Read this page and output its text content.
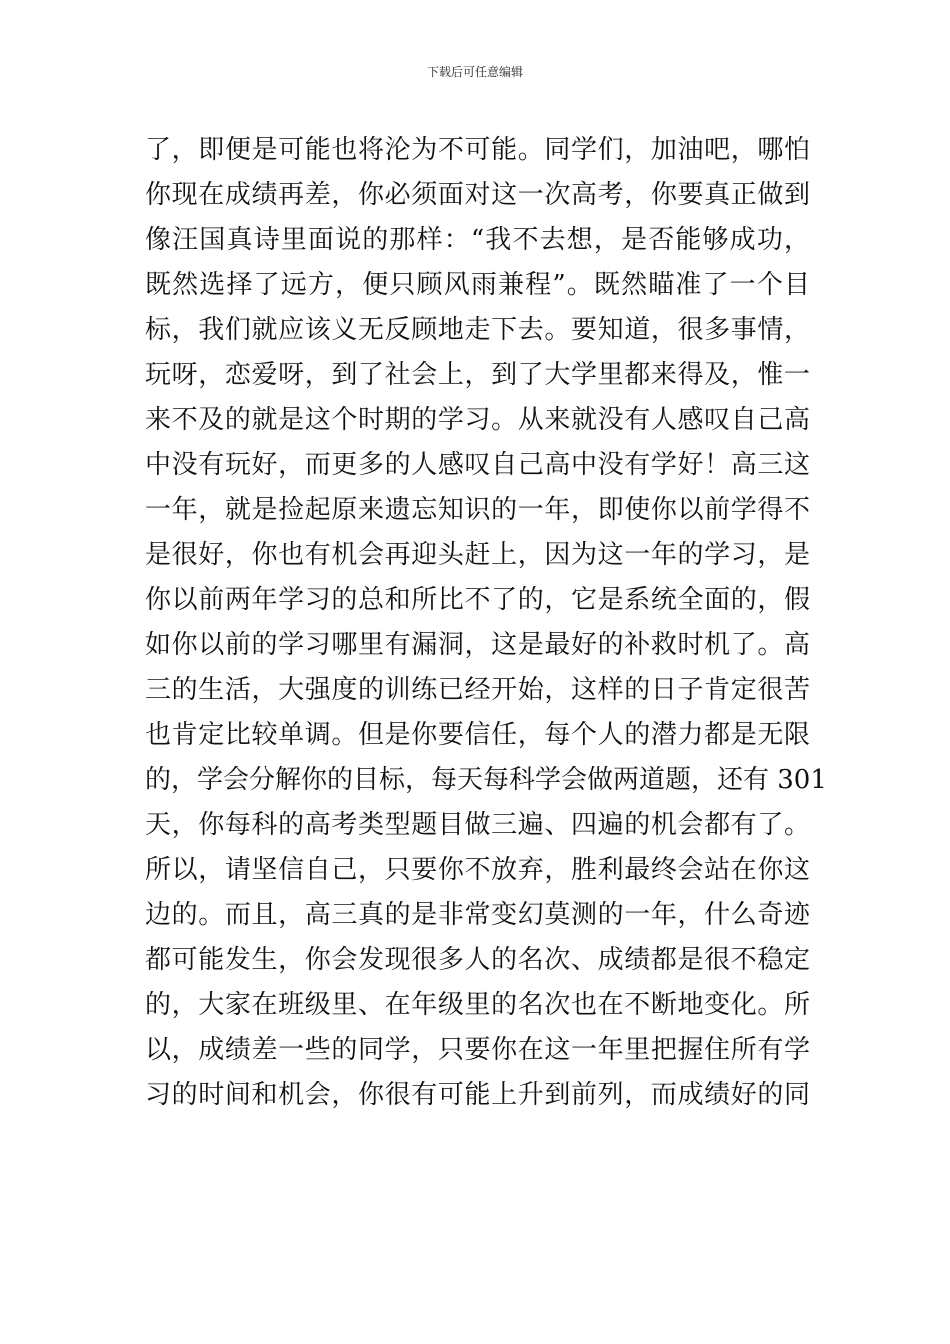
下载后可任意编辑
了，即便是可能也将沦为不可能。同学们，加油吧，哪怕
你现在成绩再差，你必须面对这一次高考，你要真正做到
像汪国真诗里面说的那样：“我不去想，是否能够成功，
既然选择了远方，便只顾风雨兼程”。既然瞄准了一个目
标，我们就应该义无反顾地走下去。要知道，很多事情，
玩呀，恋爱呀，到了社会上，到了大学里都来得及，惟一
来不及的就是这个时期的学习。从来就没有人感叹自己高
中没有玩好，而更多的人感叹自己高中没有学好！高三这
一年，就是捡起原来遗忘知识的一年，即使你以前学得不
是很好，你也有机会再迎头赶上，因为这一年的学习，是
你以前两年学习的总和所比不了的，它是系统全面的，假
如你以前的学习哪里有漏洞，这是最好的补救时机了。高
三的生活，大强度的训练已经开始，这样的日子肯定很苦
也肯定比较单调。但是你要信任，每个人的潜力都是无限
的，学会分解你的目标，每天每科学会做两道题，还有 301
天，你每科的高考类型题目做三遍、四遍的机会都有了。
所以，请坚信自己，只要你不放弃，胜利最终会站在你这
边的。而且，高三真的是非常变幻莫测的一年，什么奇迹
都可能发生，你会发现很多人的名次、成绩都是很不稳定
的，大家在班级里、在年级里的名次也在不断地变化。所
以，成绩差一些的同学，只要你在这一年里把握住所有学
习的时间和机会，你很有可能上升到前列，而成绩好的同
